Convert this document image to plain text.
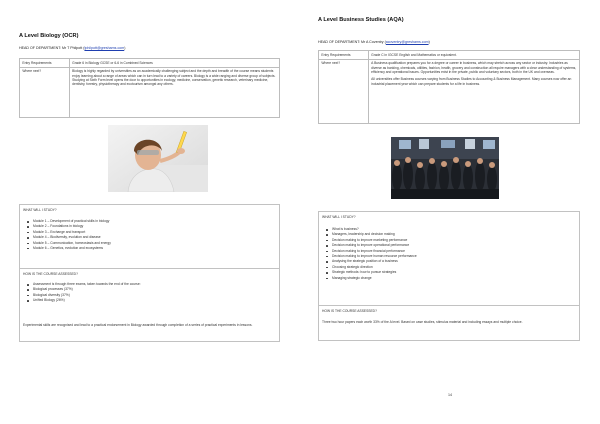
A Level Biology (OCR)
HEAD OF DEPARTMENT: Mr T Philpott (tphilpott@greshams.com)
Entry Requirements	Grade 6 in Biology GCSE or 6-6 in Combined Sciences
Where next?	Biology is highly regarded by universities as an academically challenging subject and the depth and breadth of the course means students enjoy learning about a range of areas which can in turn lead to a variety of careers. Biology is a wide ranging and diverse group of subjects. Studying at Sixth Form level opens the door to opportunities in ecology, medicine, conservation, genetic research, veterinary medicine, dentistry, forestry, physiotherapy and ecotourism amongst any others.
WHAT WILL I STUDY?
Module 1 – Development of practical skills in biology
Module 2 – Foundations in biology
Module 3 – Exchange and transport
Module 4 – Biodiversity, evolution and disease
Module 5 – Communication, homeostasis and energy
Module 6 – Genetics, evolution and ecosystems
HOW IS THE COURSE ASSESSED?
Assessment is through three exams, taken towards the end of the course:
Biological processes (37%)
Biological diversity (37%)
Unified Biology (26%)
Experimental skills are recognised and lead to a practical endorsement in Biology awarded through completion of a series of practical experiments in lessons.
A Level Business Studies (AQA)
HEAD OF DEPARTMENT: Mr A Coventry (acoventry@greshams.com)
Entry Requirements	Grade C in IGCSE English and Mathematics or equivalent.
Where next?	A Business qualification prepares you for a degree or career in business, which may stretch across any sector or industry. Industries as diverse as banking, chemicals, utilities, fashion, health, grocery and construction all require managers with a clear understanding of systems, efficiency and operational issues. Opportunities exist in the private, public and voluntary sectors, both in the UK and overseas.

All universities offer Business courses varying from Business Studies to Accounting & Business Management. Many courses now offer an industrial placement year which can prepare students for a life in business.

WHAT WILL I STUDY?
What is business?
Managers, leadership and decision making
Decision making to improve marketing performance
Decision making to improve operational performance
Decision making to improve financial performance
Decision making to improve human resource performance
Analysing the strategic position of a business
Choosing strategic direction
Strategic methods: how to pursue strategies
Managing strategic change
HOW IS THE COURSE ASSESSED?
Three two hour papers each worth 33% of the A level. Based on case studies, stimulus material and including essays and multiple choice.
14
